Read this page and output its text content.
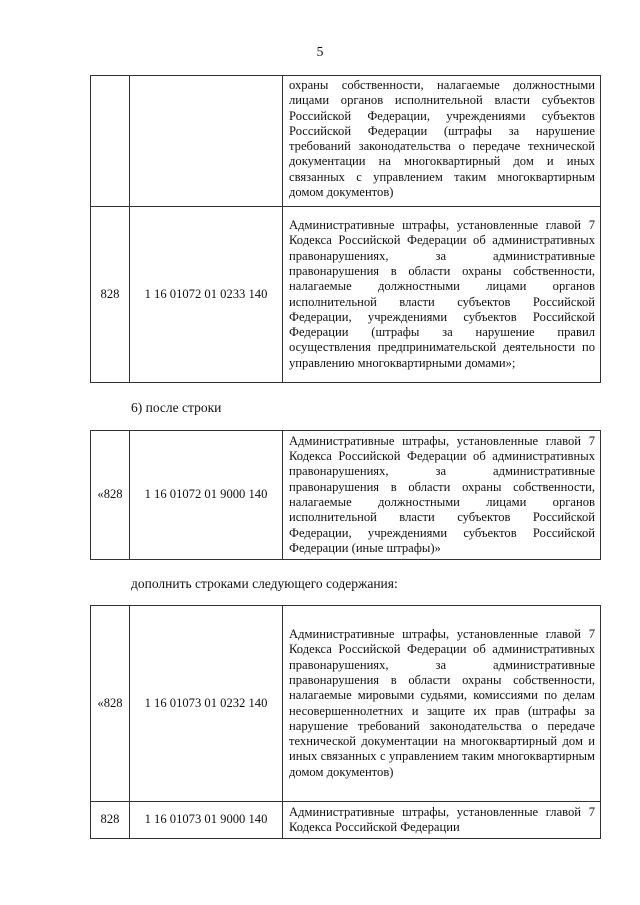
5
		охраны собственности, налагаемые должностными лицами органов исполнительной власти субъектов Российской Федерации, учреждениями субъектов Российской Федерации (штрафы за нарушение требований законодательства о передаче технической документации на многоквартирный дом и иных связанных с управлением таким многоквартирным домом документов)
828	1 16 01072 01 0233 140	Административные штрафы, установленные главой 7 Кодекса Российской Федерации об административных правонарушениях, за административные правонарушения в области охраны собственности, налагаемые должностными лицами органов исполнительной власти субъектов Российской Федерации, учреждениями субъектов Российской Федерации (штрафы за нарушение правил осуществления предпринимательской деятельности по управлению многоквартирными домами»;
6) после строки
«828	1 16 01072 01 9000 140	Административные штрафы, установленные главой 7 Кодекса Российской Федерации об административных правонарушениях, за административные правонарушения в области охраны собственности, налагаемые должностными лицами органов исполнительной власти субъектов Российской Федерации, учреждениями субъектов Российской Федерации (иные штрафы)»
дополнить строками следующего содержания:
«828	1 16 01073 01 0232 140	Административные штрафы, установленные главой 7 Кодекса Российской Федерации об административных правонарушениях, за административные правонарушения в области охраны собственности, налагаемые мировыми судьями, комиссиями по делам несовершеннолетних и защите их прав (штрафы за нарушение требований законодательства о передаче технической документации на многоквартирный дом и иных связанных с управлением таким многоквартирным домом документов)
828	1 16 01073 01 9000 140	Административные штрафы, установленные главой 7 Кодекса Российской Федерации
